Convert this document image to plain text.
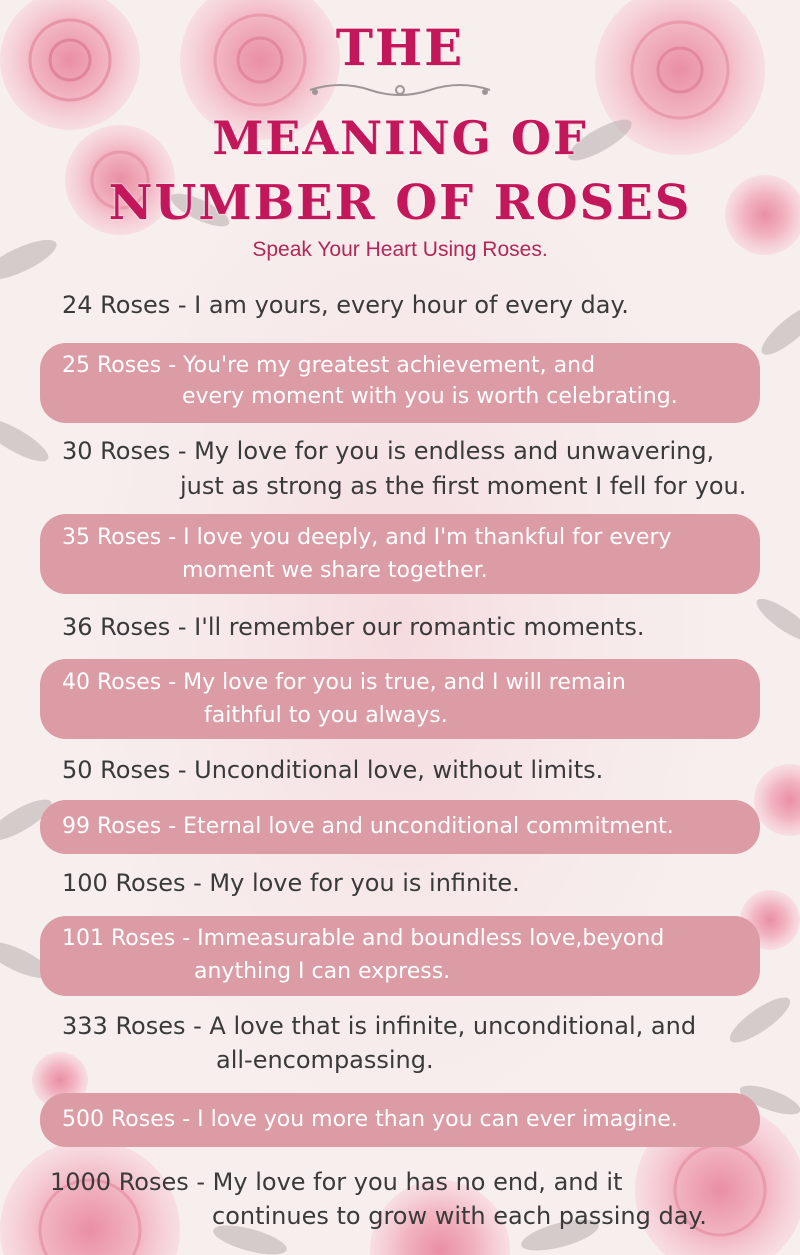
THE
MEANING OF
NUMBER OF ROSES
Speak Your Heart Using Roses.
24 Roses - I am yours, every hour of every day.
25 Roses - You're my greatest achievement, and
every moment with you is worth celebrating.
30 Roses - My love for you is endless and unwavering,
just as strong as the first moment I fell for you.
35 Roses - I love you deeply, and I'm thankful for every
moment we share together.
36 Roses - I'll remember our romantic moments.
40 Roses - My love for you is true, and I will remain
faithful to you always.
50 Roses - Unconditional love, without limits.
99 Roses - Eternal love and unconditional commitment.
100 Roses - My love for you is infinite.
101 Roses - Immeasurable and boundless love,beyond
anything I can express.
333 Roses - A love that is infinite, unconditional, and
all-encompassing.
500 Roses - I love you more than you can ever imagine.
1000 Roses - My love for you has no end, and it
continues to grow with each passing day.
